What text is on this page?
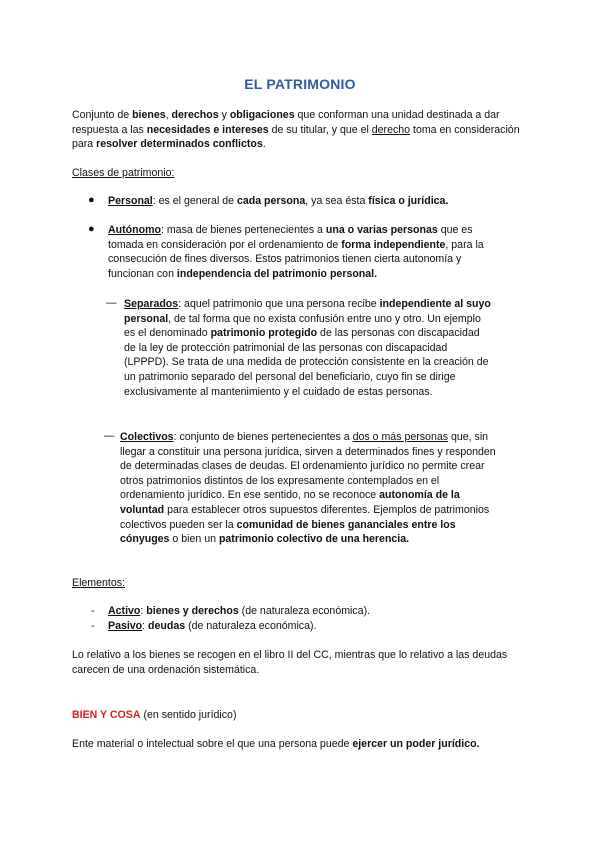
EL PATRIMONIO
Conjunto de bienes, derechos y obligaciones que conforman una unidad destinada a dar respuesta a las necesidades e intereses de su titular, y que el derecho toma en consideración para resolver determinados conflictos.
Clases de patrimonio:
● Personal: es el general de cada persona, ya sea ésta física o jurídica.
● Autónomo: masa de bienes pertenecientes a una o varias personas que es tomada en consideración por el ordenamiento de forma independiente, para la consecución de fines diversos. Estos patrimonios tienen cierta autonomía y funcionan con independencia del patrimonio personal.
— Separados: aquel patrimonio que una persona recibe independiente al suyo personal, de tal forma que no exista confusión entre uno y otro. Un ejemplo es el denominado patrimonio protegido de las personas con discapacidad de la ley de protección patrimonial de las personas con discapacidad (LPPPD). Se trata de una medida de protección consistente en la creación de un patrimonio separado del personal del beneficiario, cuyo fin se dirige exclusivamente al mantenimiento y el cuidado de estas personas.
— Colectivos: conjunto de bienes pertenecientes a dos o más personas que, sin llegar a constituir una persona jurídica, sirven a determinados fines y responden de determinadas clases de deudas. El ordenamiento jurídico no permite crear otros patrimonios distintos de los expresamente contemplados en el ordenamiento jurídico. En ese sentido, no se reconoce autonomía de la voluntad para establecer otros supuestos diferentes. Ejemplos de patrimonios colectivos pueden ser la comunidad de bienes gananciales entre los cónyuges o bien un patrimonio colectivo de una herencia.
Elementos:
- Activo: bienes y derechos (de naturaleza económica).
- Pasivo: deudas (de naturaleza económica).
Lo relativo a los bienes se recogen en el libro II del CC, mientras que lo relativo a las deudas carecen de una ordenación sistemática.
BIEN Y COSA (en sentido jurídico)
Ente material o intelectual sobre el que una persona puede ejercer un poder jurídico.
